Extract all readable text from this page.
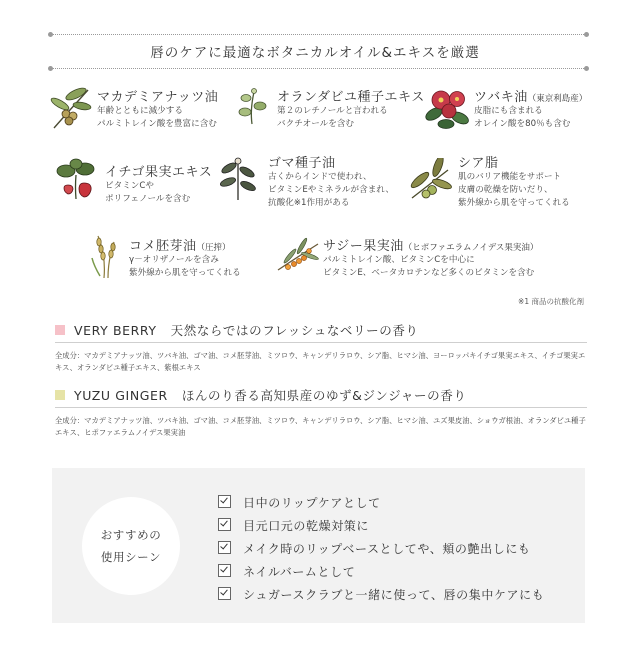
唇のケアに最適なボタニカルオイル&エキスを厳選
マカデミアナッツ油
年齢とともに減少する
パルミトレイン酸を豊富に含む
オランダビユ種子エキス
第２のレチノールと言われる
バクチオールを含む
ツバキ油（東京利島産）
皮脂にも含まれる
オレイン酸を80％も含む
イチゴ果実エキス
ビタミンCや
ポリフェノールを含む
ゴマ種子油
古くからインドで使われ、
ビタミンEやミネラルが含まれ、
抗酸化※1作用がある
シア脂
肌のバリア機能をサポート
皮膚の乾燥を防いだり、
紫外線から肌を守ってくれる
コメ胚芽油（圧搾）
γ－オリザノールを含み
紫外線から肌を守ってくれる
サジー果実油（ヒポファエラムノイデス果実油）
パルミトレイン酸、ビタミンCを中心に
ビタミンE、ベータカロテンなど多くのビタミンを含む
※1 商品の抗酸化剤
VERY BERRY 天然ならではのフレッシュなベリーの香り
全成分：マカデミアナッツ油、ツバキ油、ゴマ油、コメ胚芽油、ミツロウ、キャンデリラロウ、シア脂、ヒマシ油、ヨーロッパキイチゴ果実エキス、イチゴ果実エキス、オランダビユ種子エキス、紫根エキス
YUZU GINGER ほんのり香る高知県産のゆず&ジンジャーの香り
全成分：マカデミアナッツ油、ツバキ油、ゴマ油、コメ胚芽油、ミツロウ、キャンデリラロウ、シア脂、ヒマシ油、ユズ果皮油、ショウガ根油、オランダビユ種子エキス、ヒポファエラムノイデス果実油
おすすめの
使用シーン
日中のリップケアとして
目元口元の乾燥対策に
メイク時のリップベースとしてや、頬の艶出しにも
ネイルバームとして
シュガースクラブと一緒に使って、唇の集中ケアにも
